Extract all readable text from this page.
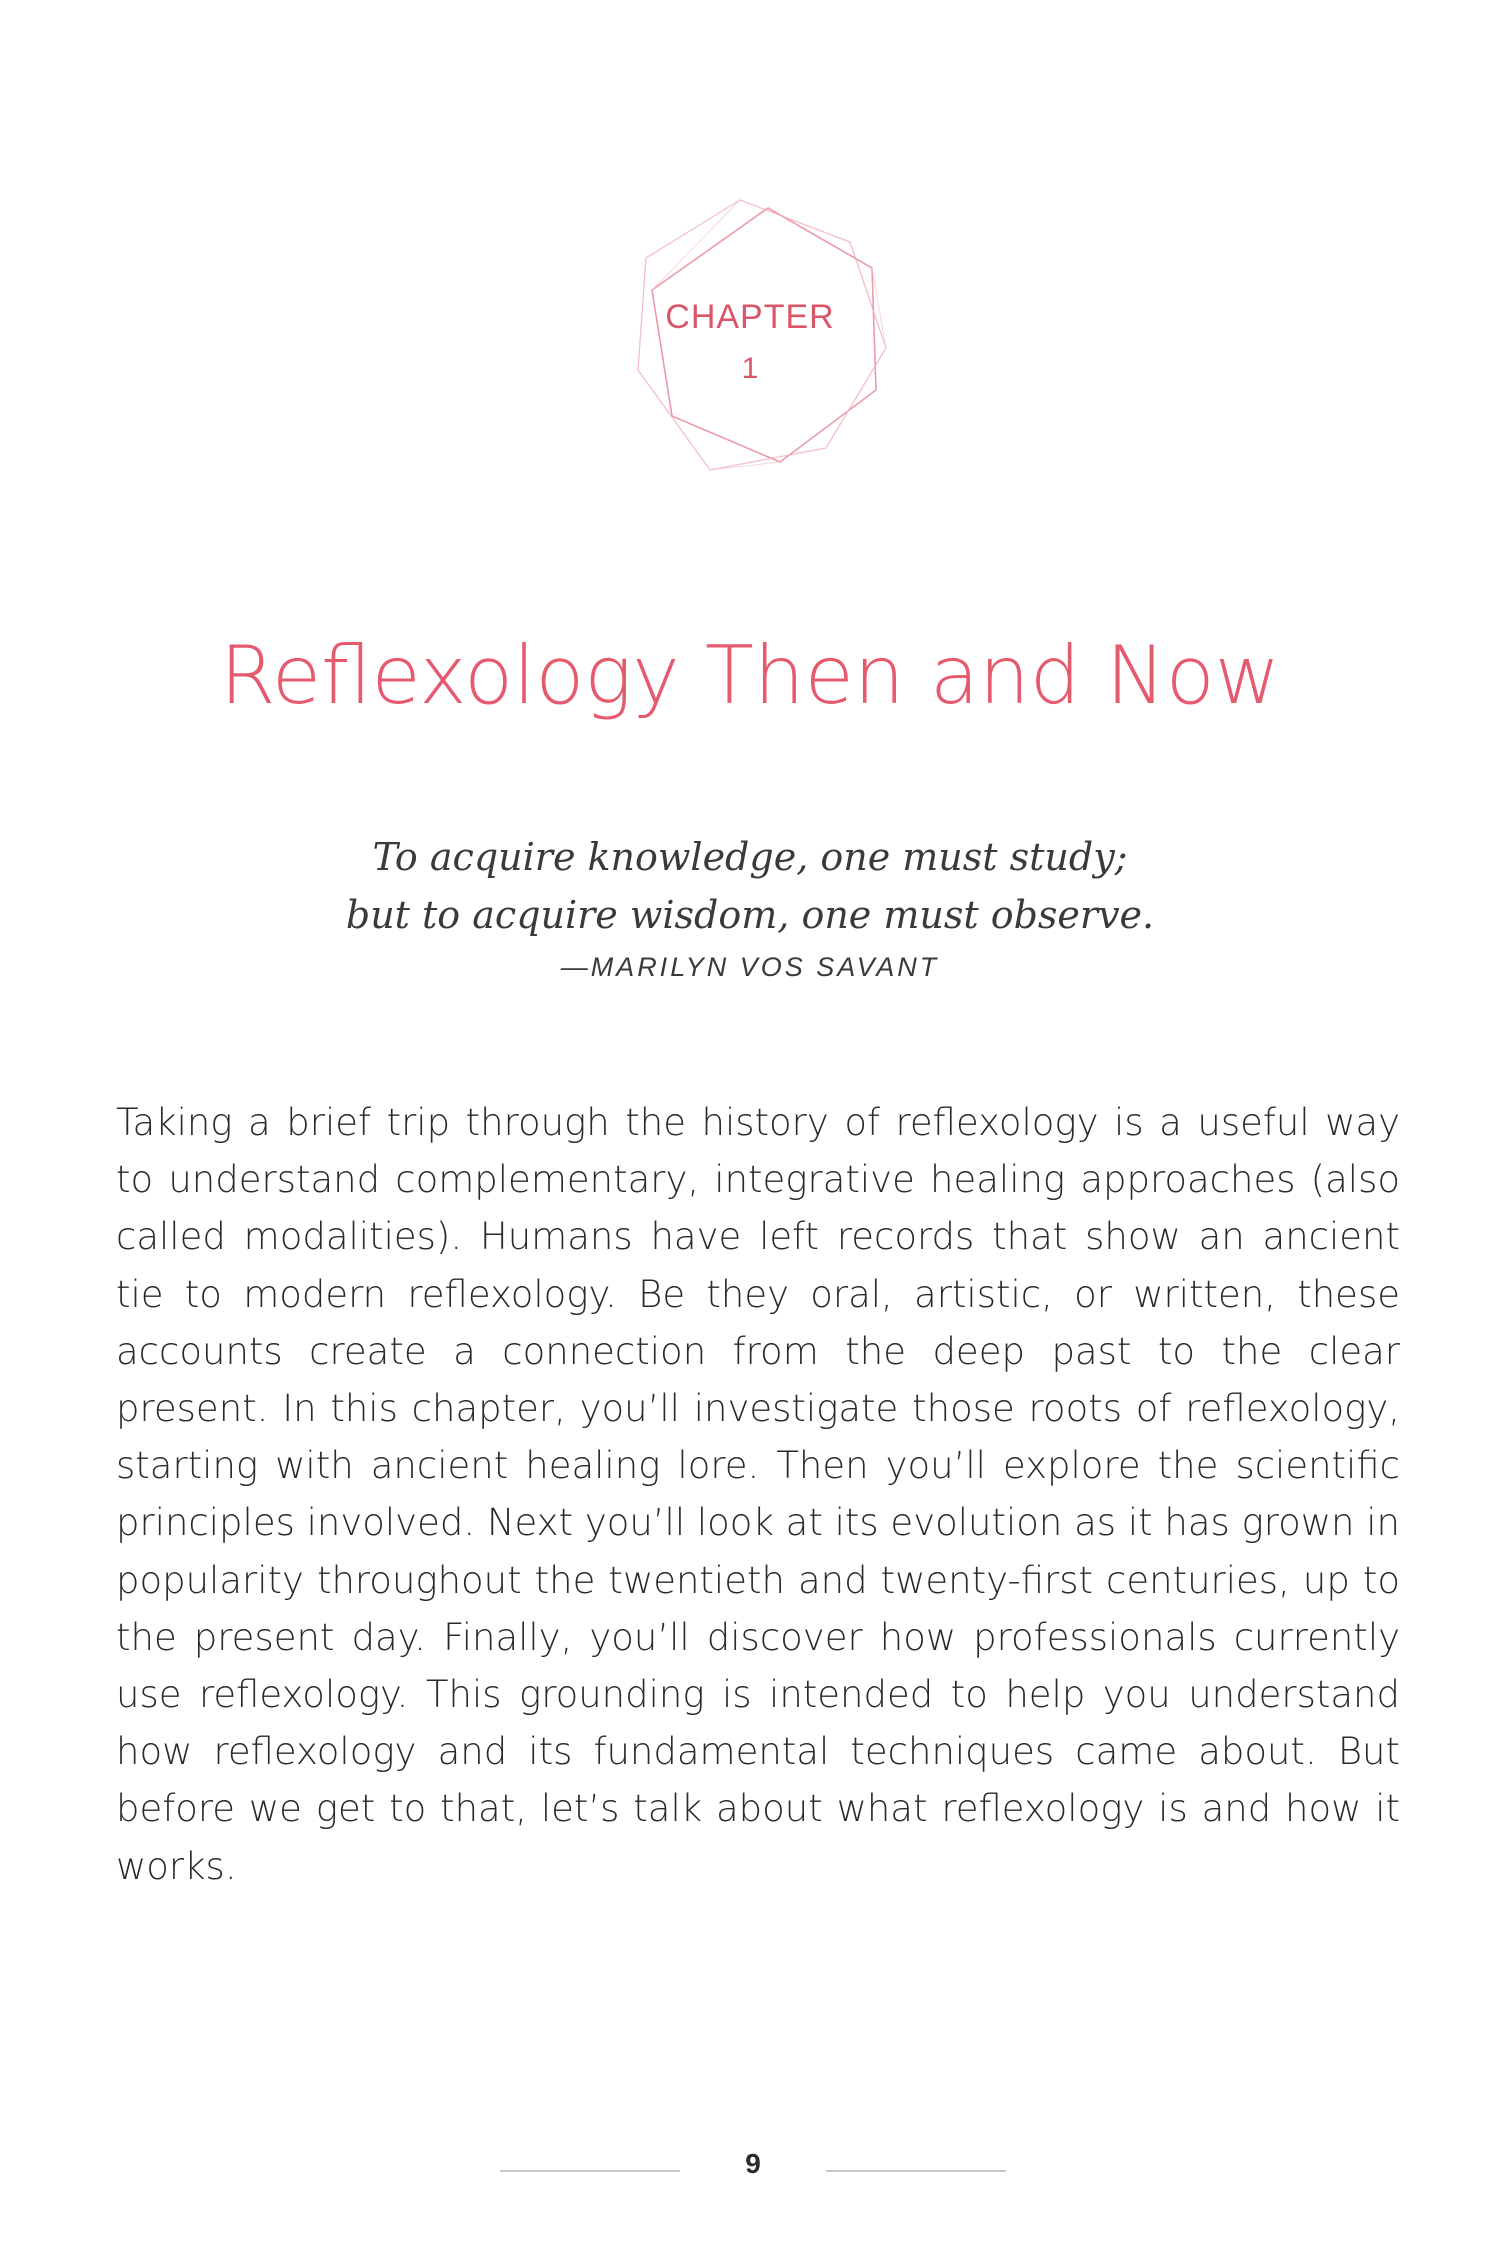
CHAPTER
1
Reflexology Then and Now
To acquire knowledge, one must study;
but to acquire wisdom, one must observe.
—MARILYN VOS SAVANT

Taking a brief trip through the history of reflexology is a useful way to understand complementary, integrative healing approaches (also called modalities). Humans have left records that show an ancient tie to modern reflexology. Be they oral, artistic, or written, these accounts create a connection from the deep past to the clear present. In this chapter, you’ll investigate those roots of reflexology, starting with ancient healing lore. Then you’ll explore the scientific principles involved. Next you’ll look at its evolution as it has grown in popularity throughout the twentieth and twenty-first centuries, up to the present day. Finally, you’ll discover how professionals currently use reflexology. This grounding is intended to help you understand how reflexology and its fundamental techniques came about. But before we get to that, let’s talk about what reflexology is and how it works.

9
